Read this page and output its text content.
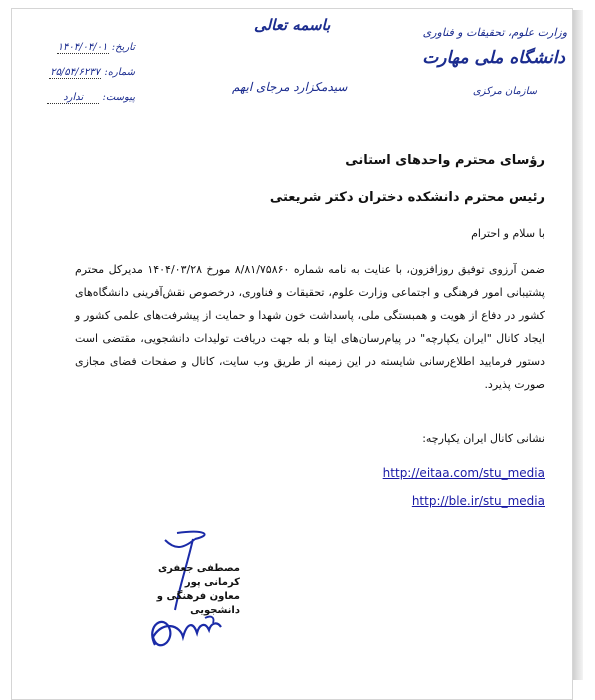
تاریخ: ۱۴۰۴/۰۴/۰۱
شماره: ۲۵/۵۴/۶۲۳۷
پیوست: ندارد
باسمه تعالی
سیدمکزارد مرجای ایهم
وزارت علوم، تحقیقات و فناوری
دانشگاه ملی مهارت
سازمان مرکزی
رؤسای محترم واحدهای استانی
رئیس محترم دانشکده دختران دکتر شریعتی
با سلام و احترام
ضمن آرزوی توفیق روزافزون، با عنایت به نامه شماره ۸/۸۱/۷۵۸۶۰ مورخ ۱۴۰۴/۰۳/۲۸ مدیرکل محترم پشتیبانی امور فرهنگی و اجتماعی وزارت علوم، تحقیقات و فناوری، درخصوص نقش‌آفرینی دانشگاه‌های کشور در دفاع از هویت و همبستگی ملی، پاسداشت خون شهدا و حمایت از پیشرفت‌های علمی کشور و ایجاد کانال "ایران یکپارچه" در پیام‌رسان‌های ایتا و بله جهت دریافت تولیدات دانشجویی، مقتضی است دستور فرمایید اطلاع‌رسانی شایسته در این زمینه از طریق وب سایت، کانال و صفحات فضای مجازی صورت پذیرد.
نشانی کانال ایران یکپارچه:
http://eitaa.com/stu_media
http://ble.ir/stu_media
مصطفی جعفری کرمانی پور
معاون فرهنگی و دانشجویی
